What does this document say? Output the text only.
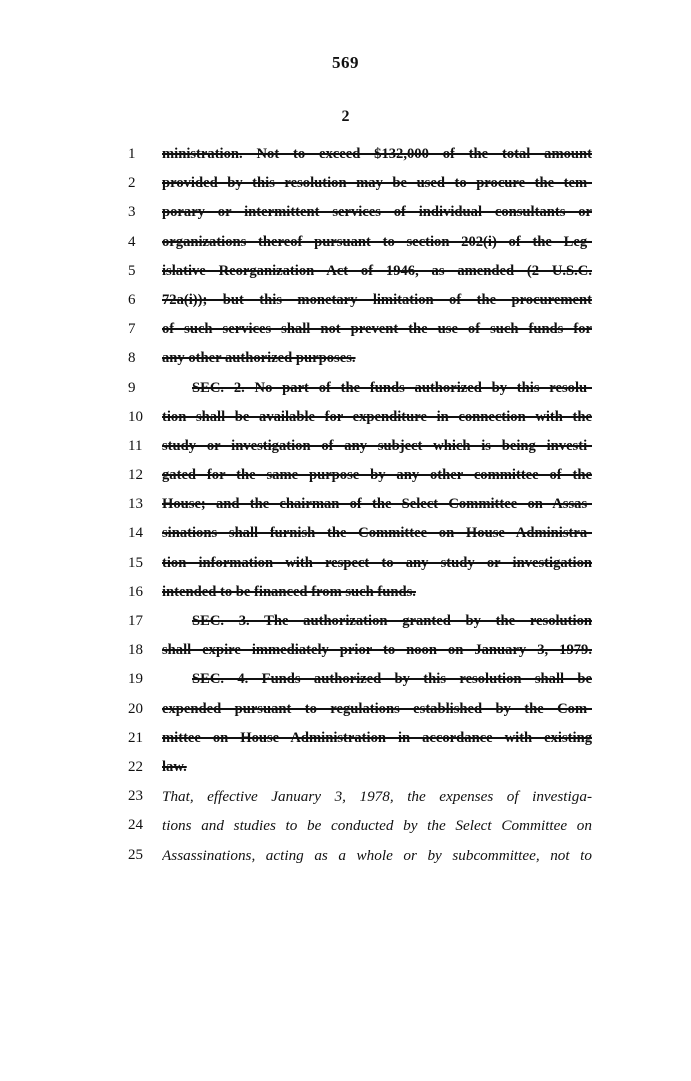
569
2
1	ministration. Not to exceed $132,000 of the total amount
2	provided by this resolution may be used to procure the tem-
3	porary or intermittent services of individual consultants or
4	organizations thereof pursuant to section 202(i) of the Leg-
5	islative Reorganization Act of 1946, as amended (2 U.S.C.
6	72a(i)); but this monetary limitation of the procurement
7	of such services shall not prevent the use of such funds for
8	any other authorized purposes.
9	SEC. 2. No part of the funds authorized by this resolu-
10	tion shall be available for expenditure in connection with the
11	study or investigation of any subject which is being investi-
12	gated for the same purpose by any other committee of the
13	House; and the chairman of the Select Committee on Assas-
14	sinations shall furnish the Committee on House Administra-
15	tion information with respect to any study or investigation
16	intended to be financed from such funds.
17	SEC. 3. The authorization granted by the resolution
18	shall expire immediately prior to noon on January 3, 1979.
19	SEC. 4. Funds authorized by this resolution shall be
20	expended pursuant to regulations established by the Com-
21	mittee on House Administration in accordance with existing
22	law.
23	That, effective January 3, 1978, the expenses of investiga-
24	tions and studies to be conducted by the Select Committee on
25	Assassinations, acting as a whole or by subcommittee, not to
